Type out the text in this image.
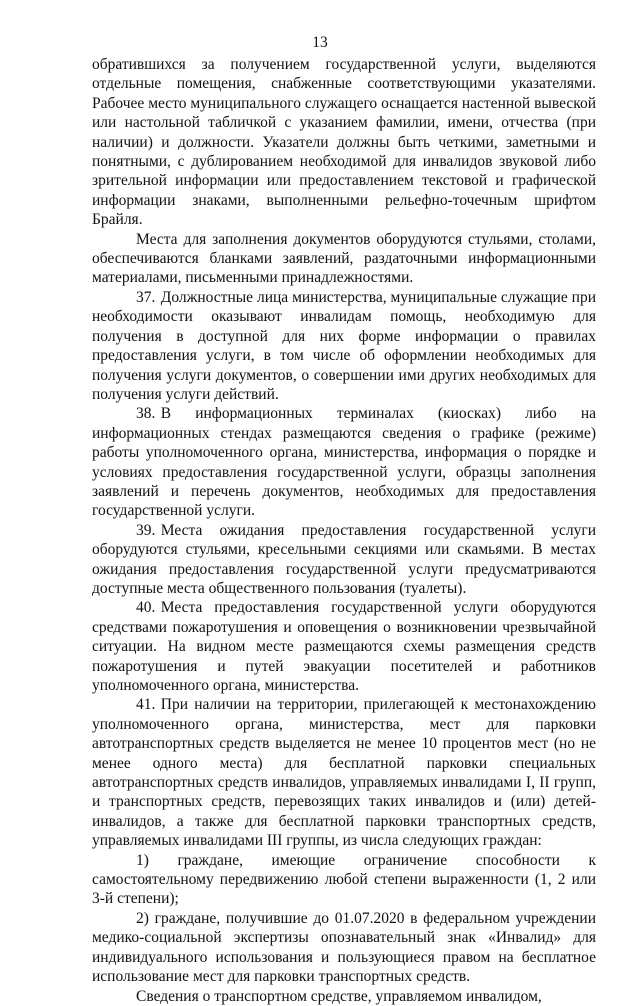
13

обратившихся за получением государственной услуги, выделяются отдельные помещения, снабженные соответствующими указателями. Рабочее место муниципального служащего оснащается настенной вывеской или настольной табличкой с указанием фамилии, имени, отчества (при наличии) и должности. Указатели должны быть четкими, заметными и понятными, с дублированием необходимой для инвалидов звуковой либо зрительной информации или предоставлением текстовой и графической информации знаками, выполненными рельефно-точечным шрифтом Брайля.

Места для заполнения документов оборудуются стульями, столами, обеспечиваются бланками заявлений, раздаточными информационными материалами, письменными принадлежностями.

37. Должностные лица министерства, муниципальные служащие при необходимости оказывают инвалидам помощь, необходимую для получения в доступной для них форме информации о правилах предоставления услуги, в том числе об оформлении необходимых для получения услуги документов, о совершении ими других необходимых для получения услуги действий.

38. В информационных терминалах (киосках) либо на информационных стендах размещаются сведения о графике (режиме) работы уполномоченного органа, министерства, информация о порядке и условиях предоставления государственной услуги, образцы заполнения заявлений и перечень документов, необходимых для предоставления государственной услуги.

39. Места ожидания предоставления государственной услуги оборудуются стульями, кресельными секциями или скамьями. В местах ожидания предоставления государственной услуги предусматриваются доступные места общественного пользования (туалеты).

40. Места предоставления государственной услуги оборудуются средствами пожаротушения и оповещения о возникновении чрезвычайной ситуации. На видном месте размещаются схемы размещения средств пожаротушения и путей эвакуации посетителей и работников уполномоченного органа, министерства.

41. При наличии на территории, прилегающей к местонахождению уполномоченного органа, министерства, мест для парковки автотранспортных средств выделяется не менее 10 процентов мест (но не менее одного места) для бесплатной парковки специальных автотранспортных средств инвалидов, управляемых инвалидами I, II групп, и транспортных средств, перевозящих таких инвалидов и (или) детей-инвалидов, а также для бесплатной парковки транспортных средств, управляемых инвалидами III группы, из числа следующих граждан:

1) граждане, имеющие ограничение способности к самостоятельному передвижению любой степени выраженности (1, 2 или 3-й степени);

2) граждане, получившие до 01.07.2020 в федеральном учреждении медико-социальной экспертизы опознавательный знак «Инвалид» для индивидуального использования и пользующиеся правом на бесплатное использование мест для парковки транспортных средств.

Сведения о транспортном средстве, управляемом инвалидом,
